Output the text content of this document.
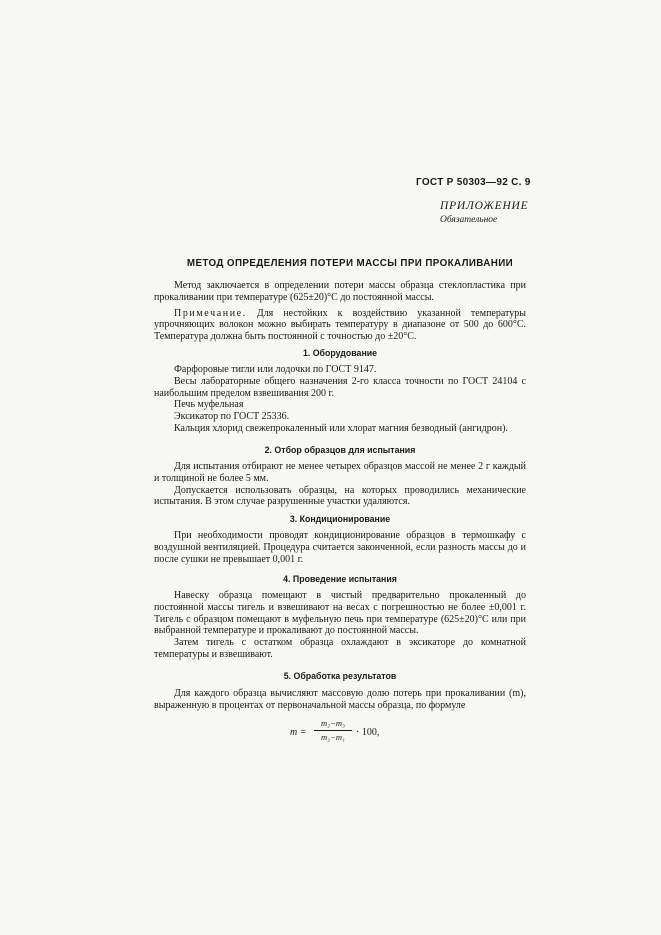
ГОСТ Р 50303—92 С. 9
ПРИЛОЖЕНИЕ
Обязательное
МЕТОД ОПРЕДЕЛЕНИЯ ПОТЕРИ МАССЫ ПРИ ПРОКАЛИВАНИИ

Метод заключается в определении потери массы образца стеклопластика при прокаливании при температуре (625±20)°С до постоянной массы.

Примечание. Для нестойких к воздействию указанной температуры упрочняющих волокон можно выбирать температуру в диапазоне от 500 до 600°С. Температура должна быть постоянной с точностью до ±20°С.

1. Оборудование

Фарфоровые тигли или лодочки по ГОСТ 9147.

Весы лабораторные общего назначения 2-го класса точности по ГОСТ 24104 с наибольшим пределом взвешивания 200 г.

Печь муфельная

Эксикатор по ГОСТ 25336.

Кальция хлорид свежепрокаленный или хлорат магния безводный (ангидрон).

2. Отбор образцов для испытания

Для испытания отбирают не менее четырех образцов массой не менее 2 г каждый и толщиной не более 5 мм.

Допускается использовать образцы, на которых проводились механические испытания. В этом случае разрушенные участки удаляются.

3. Кондиционирование

При необходимости проводят кондиционирование образцов в термошкафу с воздушной вентиляцией. Процедура считается законченной, если разность массы до и после сушки не превышает 0,001 г.

4. Проведение испытания

Навеску образца помещают в чистый предварительно прокаленный до постоянной массы тигель и взвешивают на весах с погрешностью не более ±0,001 г. Тигель с образцом помещают в муфельную печь при температуре (625±20)°С или при выбранной температуре и прокаливают до постоянной массы.

Затем тигель с остатком образца охлаждают в эксикаторе до комнатной температуры и взвешивают.

5. Обработка результатов

Для каждого образца вычисляют массовую долю потерь при прокаливании (m), выраженную в процентах от первоначальной массы образца, по формуле

m =
m₂−m₃
m₂−m₁	· 100,
